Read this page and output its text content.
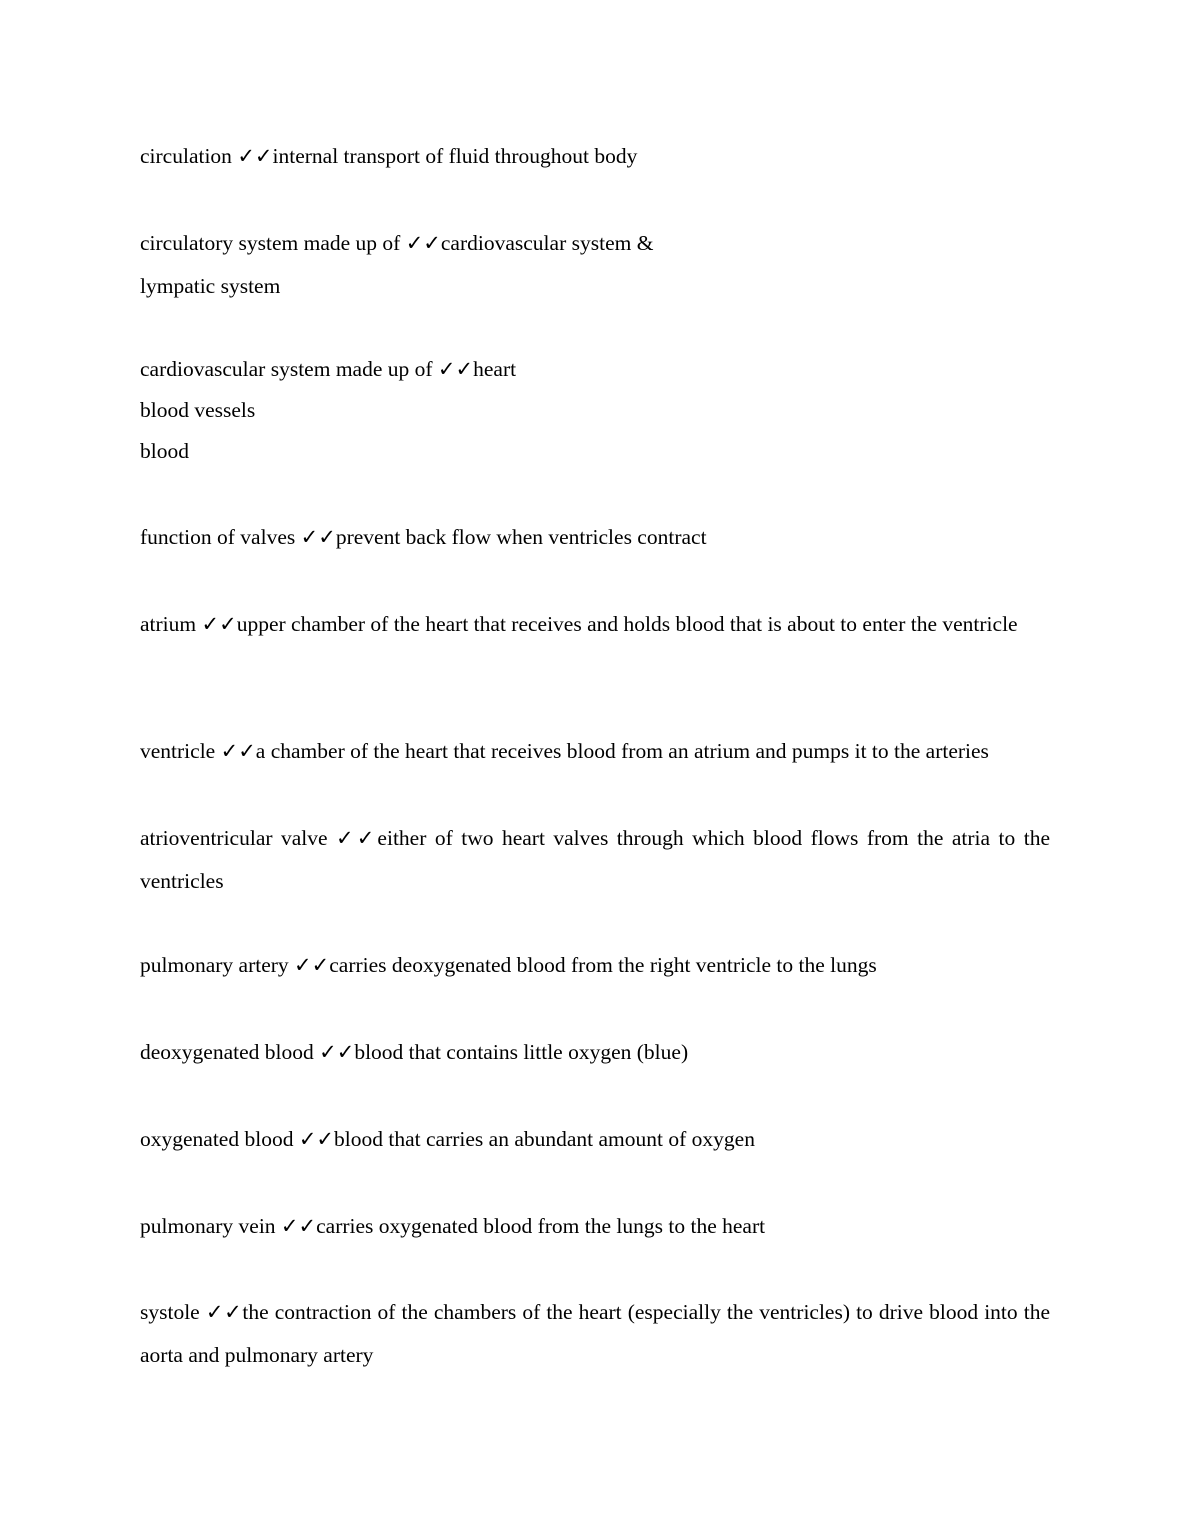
circulation ✓✓internal transport of fluid throughout body

circulatory system made up of ✓✓cardiovascular system &

lympatic system

cardiovascular system made up of ✓✓heart

blood vessels

blood

function of valves ✓✓prevent back flow when ventricles contract

atrium ✓✓upper chamber of the heart that receives and holds blood that is about to enter the ventricle

ventricle ✓✓a chamber of the heart that receives blood from an atrium and pumps it to the arteries

atrioventricular valve ✓✓either of two heart valves through which blood flows from the atria to the ventricles

pulmonary artery ✓✓carries deoxygenated blood from the right ventricle to the lungs

deoxygenated blood ✓✓blood that contains little oxygen (blue)

oxygenated blood ✓✓blood that carries an abundant amount of oxygen

pulmonary vein ✓✓carries oxygenated blood from the lungs to the heart

systole ✓✓the contraction of the chambers of the heart (especially the ventricles) to drive blood into the aorta and pulmonary artery
